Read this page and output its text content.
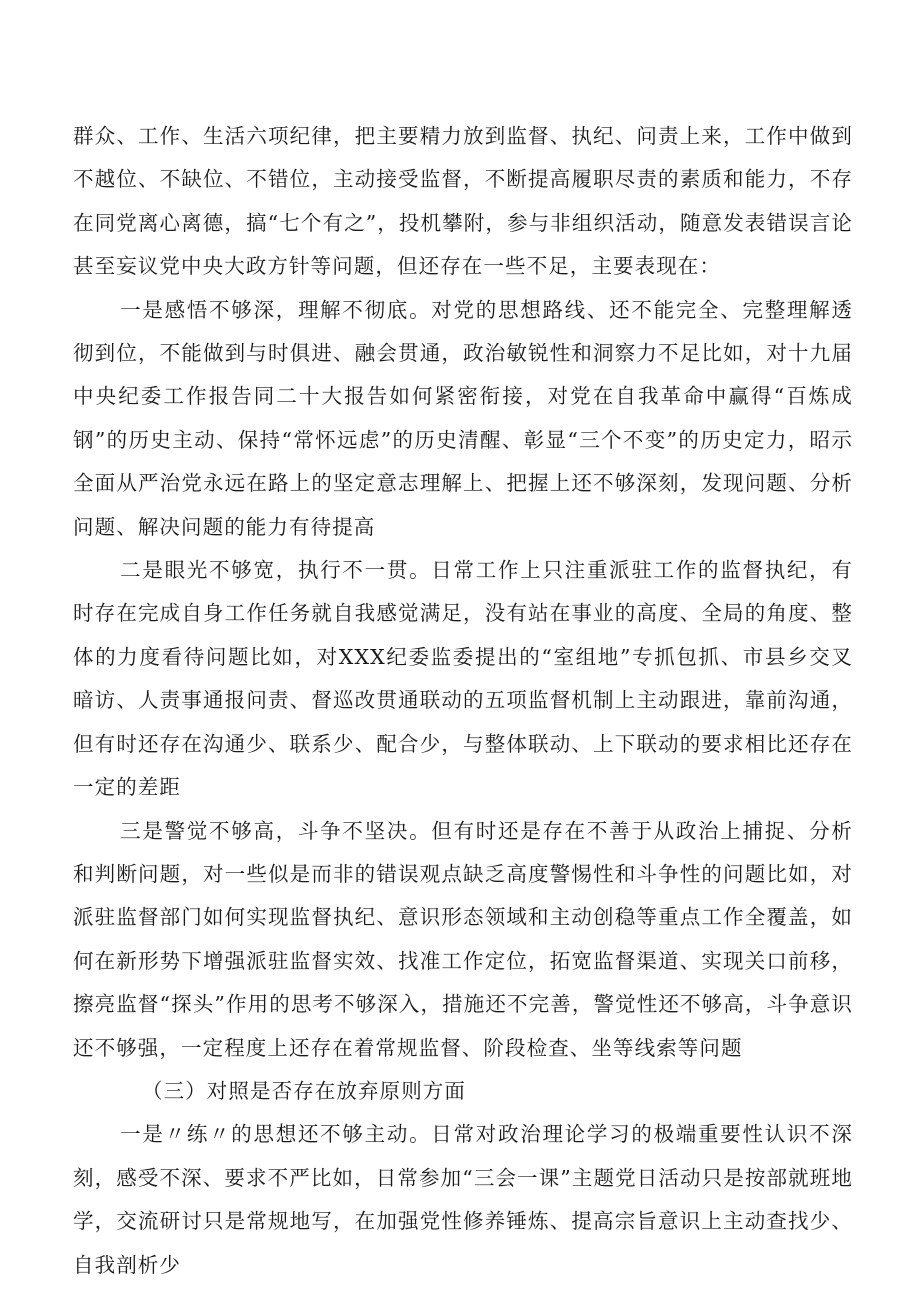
群众、工作、生活六项纪律，把主要精力放到监督、执纪、问责上来，工作中做到不越位、不缺位、不错位，主动接受监督，不断提高履职尽责的素质和能力，不存在同党离心离德，搞“七个有之”，投机攀附，参与非组织活动，随意发表错误言论甚至妄议党中央大政方针等问题，但还存在一些不足，主要表现在：

一是感悟不够深，理解不彻底。对党的思想路线、还不能完全、完整理解透彻到位，不能做到与时俱进、融会贯通，政治敏锐性和洞察力不足比如，对十九届中央纪委工作报告同二十大报告如何紧密衔接，对党在自我革命中赢得“百炼成钢”的历史主动、保持“常怀远虑”的历史清醒、彰显“三个不变”的历史定力，昭示全面从严治党永远在路上的坚定意志理解上、把握上还不够深刻，发现问题、分析问题、解决问题的能力有待提高

二是眼光不够宽，执行不一贯。日常工作上只注重派驻工作的监督执纪，有时存在完成自身工作任务就自我感觉满足，没有站在事业的高度、全局的角度、整体的力度看待问题比如，对XXX纪委监委提出的“室组地”专抓包抓、市县乡交叉暗访、人责事通报问责、督巡改贯通联动的五项监督机制上主动跟进，靠前沟通，但有时还存在沟通少、联系少、配合少，与整体联动、上下联动的要求相比还存在一定的差距

三是警觉不够高，斗争不坚决。但有时还是存在不善于从政治上捕捉、分析和判断问题，对一些似是而非的错误观点缺乏高度警惕性和斗争性的问题比如，对派驻监督部门如何实现监督执纪、意识形态领域和主动创稳等重点工作全覆盖，如何在新形势下增强派驻监督实效、找准工作定位，拓宽监督渠道、实现关口前移，擦亮监督“探头”作用的思考不够深入，措施还不完善，警觉性还不够高，斗争意识还不够强，一定程度上还存在着常规监督、阶段检查、坐等线索等问题

（三）对照是否存在放弃原则方面

一是〃练〃的思想还不够主动。日常对政治理论学习的极端重要性认识不深刻，感受不深、要求不严比如，日常参加“三会一课”主题党日活动只是按部就班地学，交流研讨只是常规地写，在加强党性修养锤炼、提高宗旨意识上主动查找少、自我剖析少
